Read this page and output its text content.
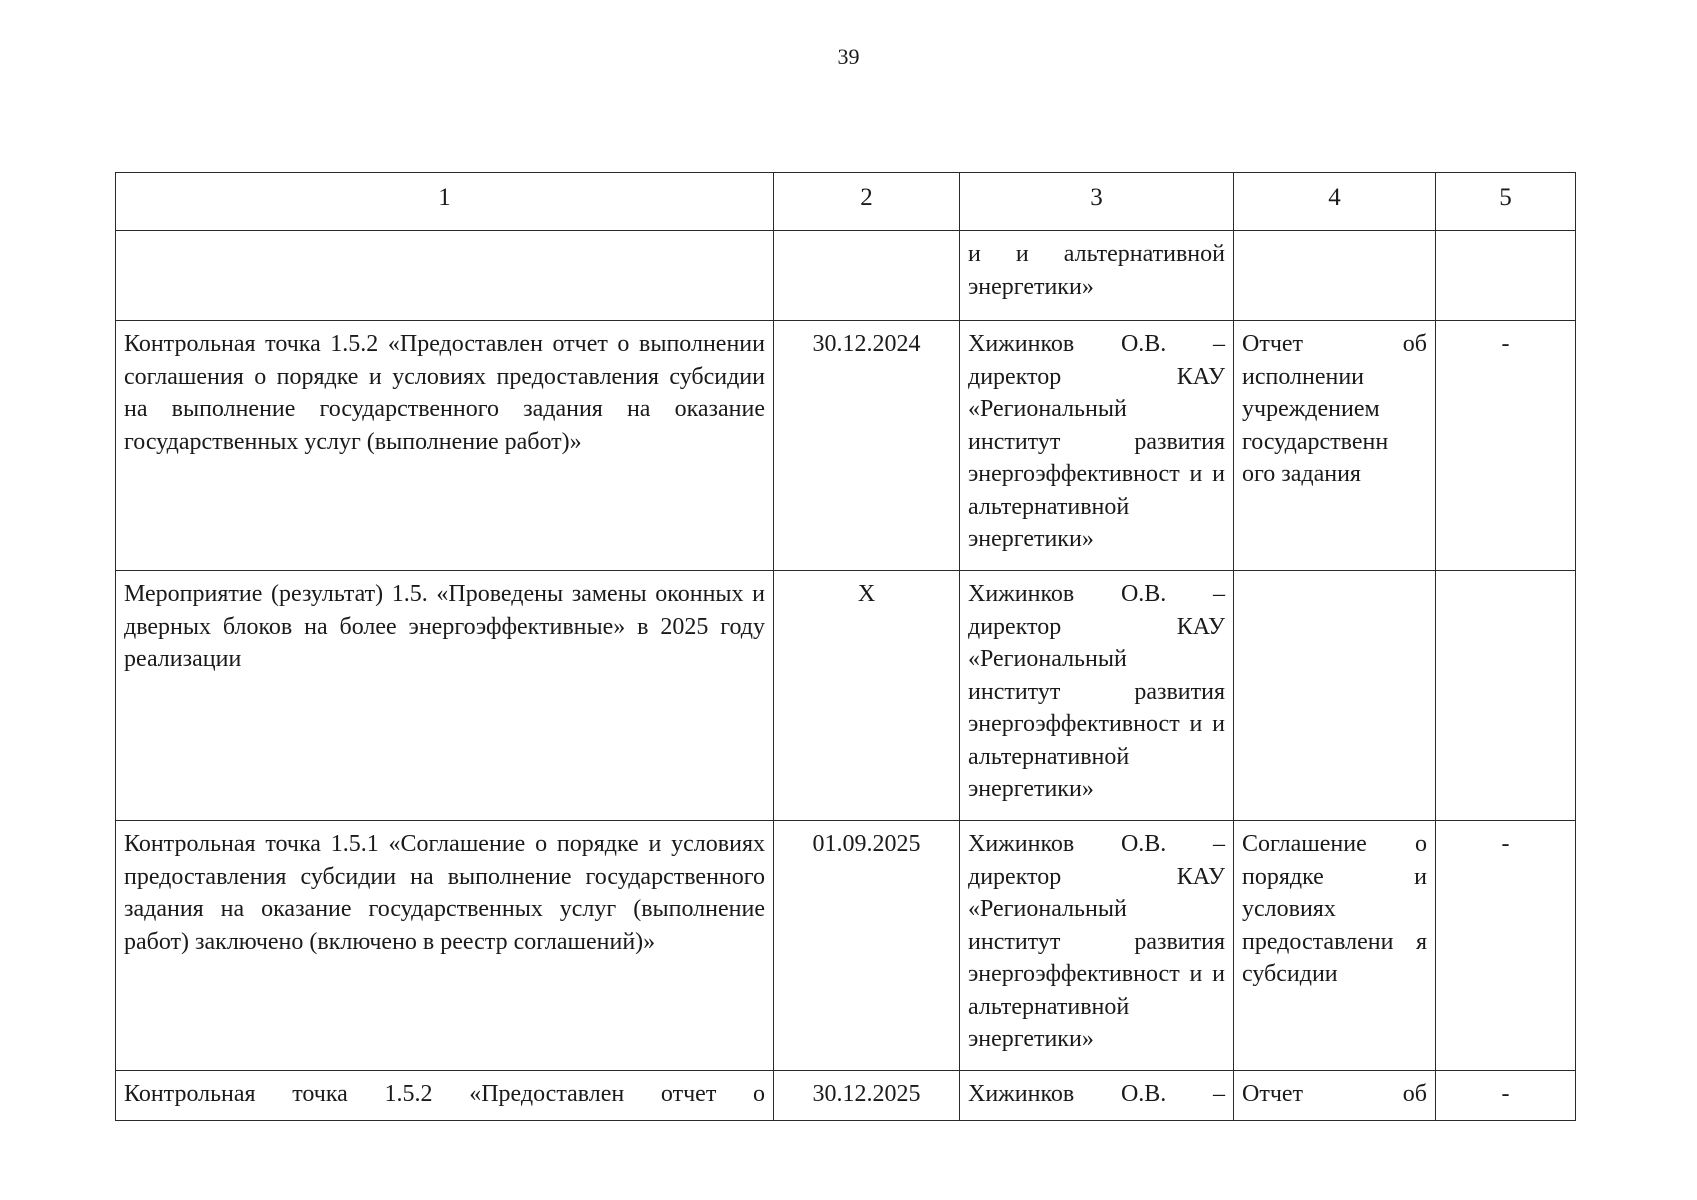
39
1	2	3	4	5
		и и альтернативной энергетики»		
Контрольная точка 1.5.2 «Предоставлен отчет о выполнении соглашения о порядке и условиях предоставления субсидии на выполнение государственного задания на оказание государственных услуг (выполнение работ)»	30.12.2024	Хижинков О.В. – директор КАУ «Региональный институт развития энергоэффективност и и альтернативной энергетики»	Отчет об исполнении учреждением государственн ого задания	-
Мероприятие (результат) 1.5. «Проведены замены оконных и дверных блоков на более энергоэффективные» в 2025 году реализации	Х	Хижинков О.В. – директор КАУ «Региональный институт развития энергоэффективност и и альтернативной энергетики»		
Контрольная точка 1.5.1 «Соглашение о порядке и условиях предоставления субсидии на выполнение государственного задания на оказание государственных услуг (выполнение работ) заключено (включено в реестр соглашений)»	01.09.2025	Хижинков О.В. – директор КАУ «Региональный институт развития энергоэффективност и и альтернативной энергетики»	Соглашение о порядке и условиях предоставлени я субсидии	-
Контрольная точка 1.5.2 «Предоставлен отчет о	30.12.2025	Хижинков О.В. –	Отчет об	-
